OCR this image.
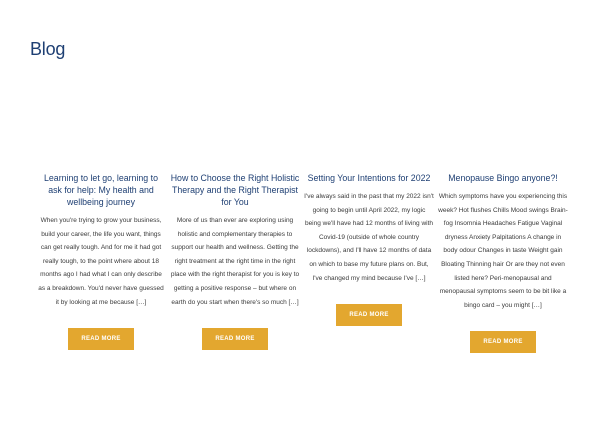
Blog
Learning to let go, learning to ask for help: My health and wellbeing journey

When you're trying to grow your business, build your career, the life you want, things can get really tough. And for me it had got really tough, to the point where about 18 months ago I had what I can only describe as a breakdown. You'd never have guessed it by looking at me because […]

READ MORE
How to Choose the Right Holistic Therapy and the Right Therapist for You

More of us than ever are exploring using holistic and complementary therapies to support our health and wellness. Getting the right treatment at the right time in the right place with the right therapist for you is key to getting a positive response – but where on earth do you start when there's so much […]

READ MORE
Setting Your Intentions for 2022

I've always said in the past that my 2022 isn't going to begin until April 2022, my logic being we'll have had 12 months of living with Covid-19 (outside of whole country lockdowns), and I'll have 12 months of data on which to base my future plans on. But, I've changed my mind because I've […]

READ MORE
Menopause Bingo anyone?!

Which symptoms have you experiencing this week? Hot flushes Chills Mood swings Brain-fog Insomnia Headaches Fatigue Vaginal dryness Anxiety Palpitations A change in body odour Changes in taste Weight gain Bloating Thinning hair Or are they not even listed here? Peri-menopausal and menopausal symptoms seem to be bit like a bingo card – you might […]

READ MORE
